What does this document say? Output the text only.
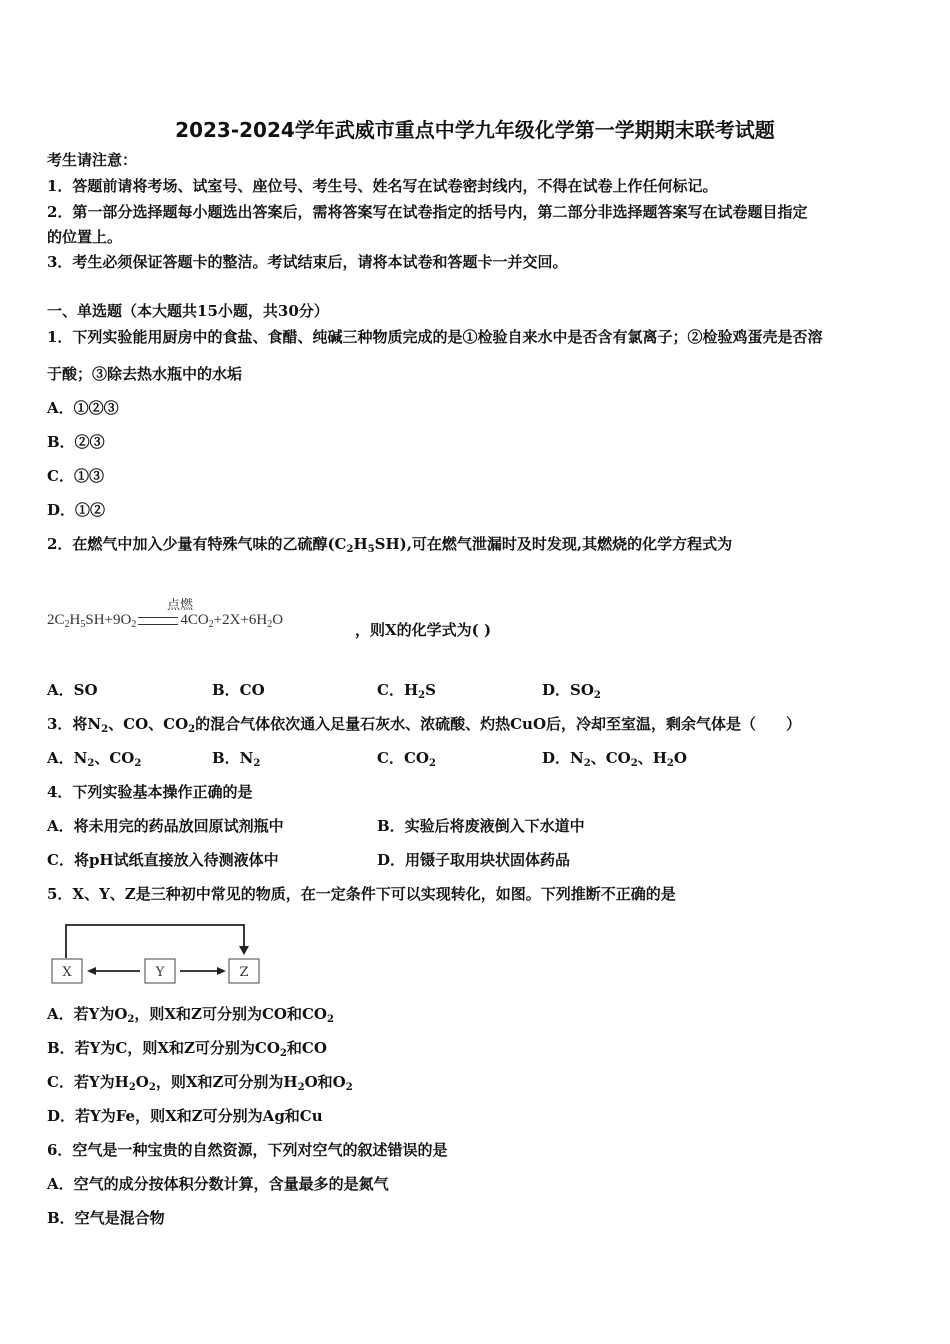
2023-2024学年武威市重点中学九年级化学第一学期期末联考试题
考生请注意：
1．答题前请将考场、试室号、座位号、考生号、姓名写在试卷密封线内，不得在试卷上作任何标记。
2．第一部分选择题每小题选出答案后，需将答案写在试卷指定的括号内，第二部分非选择题答案写在试卷题目指定
的位置上。
3．考生必须保证答题卡的整洁。考试结束后，请将本试卷和答题卡一并交回。
一、单选题（本大题共15小题，共30分）
1．下列实验能用厨房中的食盐、食醋、纯碱三种物质完成的是①检验自来水中是否含有氯离子；②检验鸡蛋壳是否溶
于酸；③除去热水瓶中的水垢
A．①②③
B．②③
C．①③
D．①②
2．在燃气中加入少量有特殊气味的乙硫醇$(C_2H_5SH)$,可在燃气泄漏时及时发现,其燃烧的化学方程式为
点燃
$2C_2H_5SH+9O_2$	$4CO_2+2X+6H_2O$
，则X的化学式为( )
A．SO	B．CO	C．$H_2S$	D．$SO_2$
3．将$N_2$、CO、$CO_2$的混合气体依次通入足量石灰水、浓硫酸、灼热CuO后，冷却至室温，剩余气体是（　　）
A．$N_2$、$CO_2$	B．$N_2$	C．$CO_2$	D．$N_2$、$CO_2$、$H_2O$
4．下列实验基本操作正确的是
A．将未用完的药品放回原试剂瓶中	B．实验后将废液倒入下水道中
C．将pH试纸直接放入待测液体中	D．用镊子取用块状固体药品
5．X、Y、Z是三种初中常见的物质，在一定条件下可以实现转化，如图。下列推断不正确的是
X	Y	Z
A．若Y为$O_2$，则X和Z可分别为CO和$CO_2$
B．若Y为C，则X和Z可分别为$CO_2$和CO
C．若Y为$H_2O_2$，则X和Z可分别为$H_2O$和$O_2$
D．若Y为Fe，则X和Z可分别为Ag和Cu
6．空气是一种宝贵的自然资源，下列对空气的叙述错误的是
A．空气的成分按体积分数计算，含量最多的是氮气
B．空气是混合物
